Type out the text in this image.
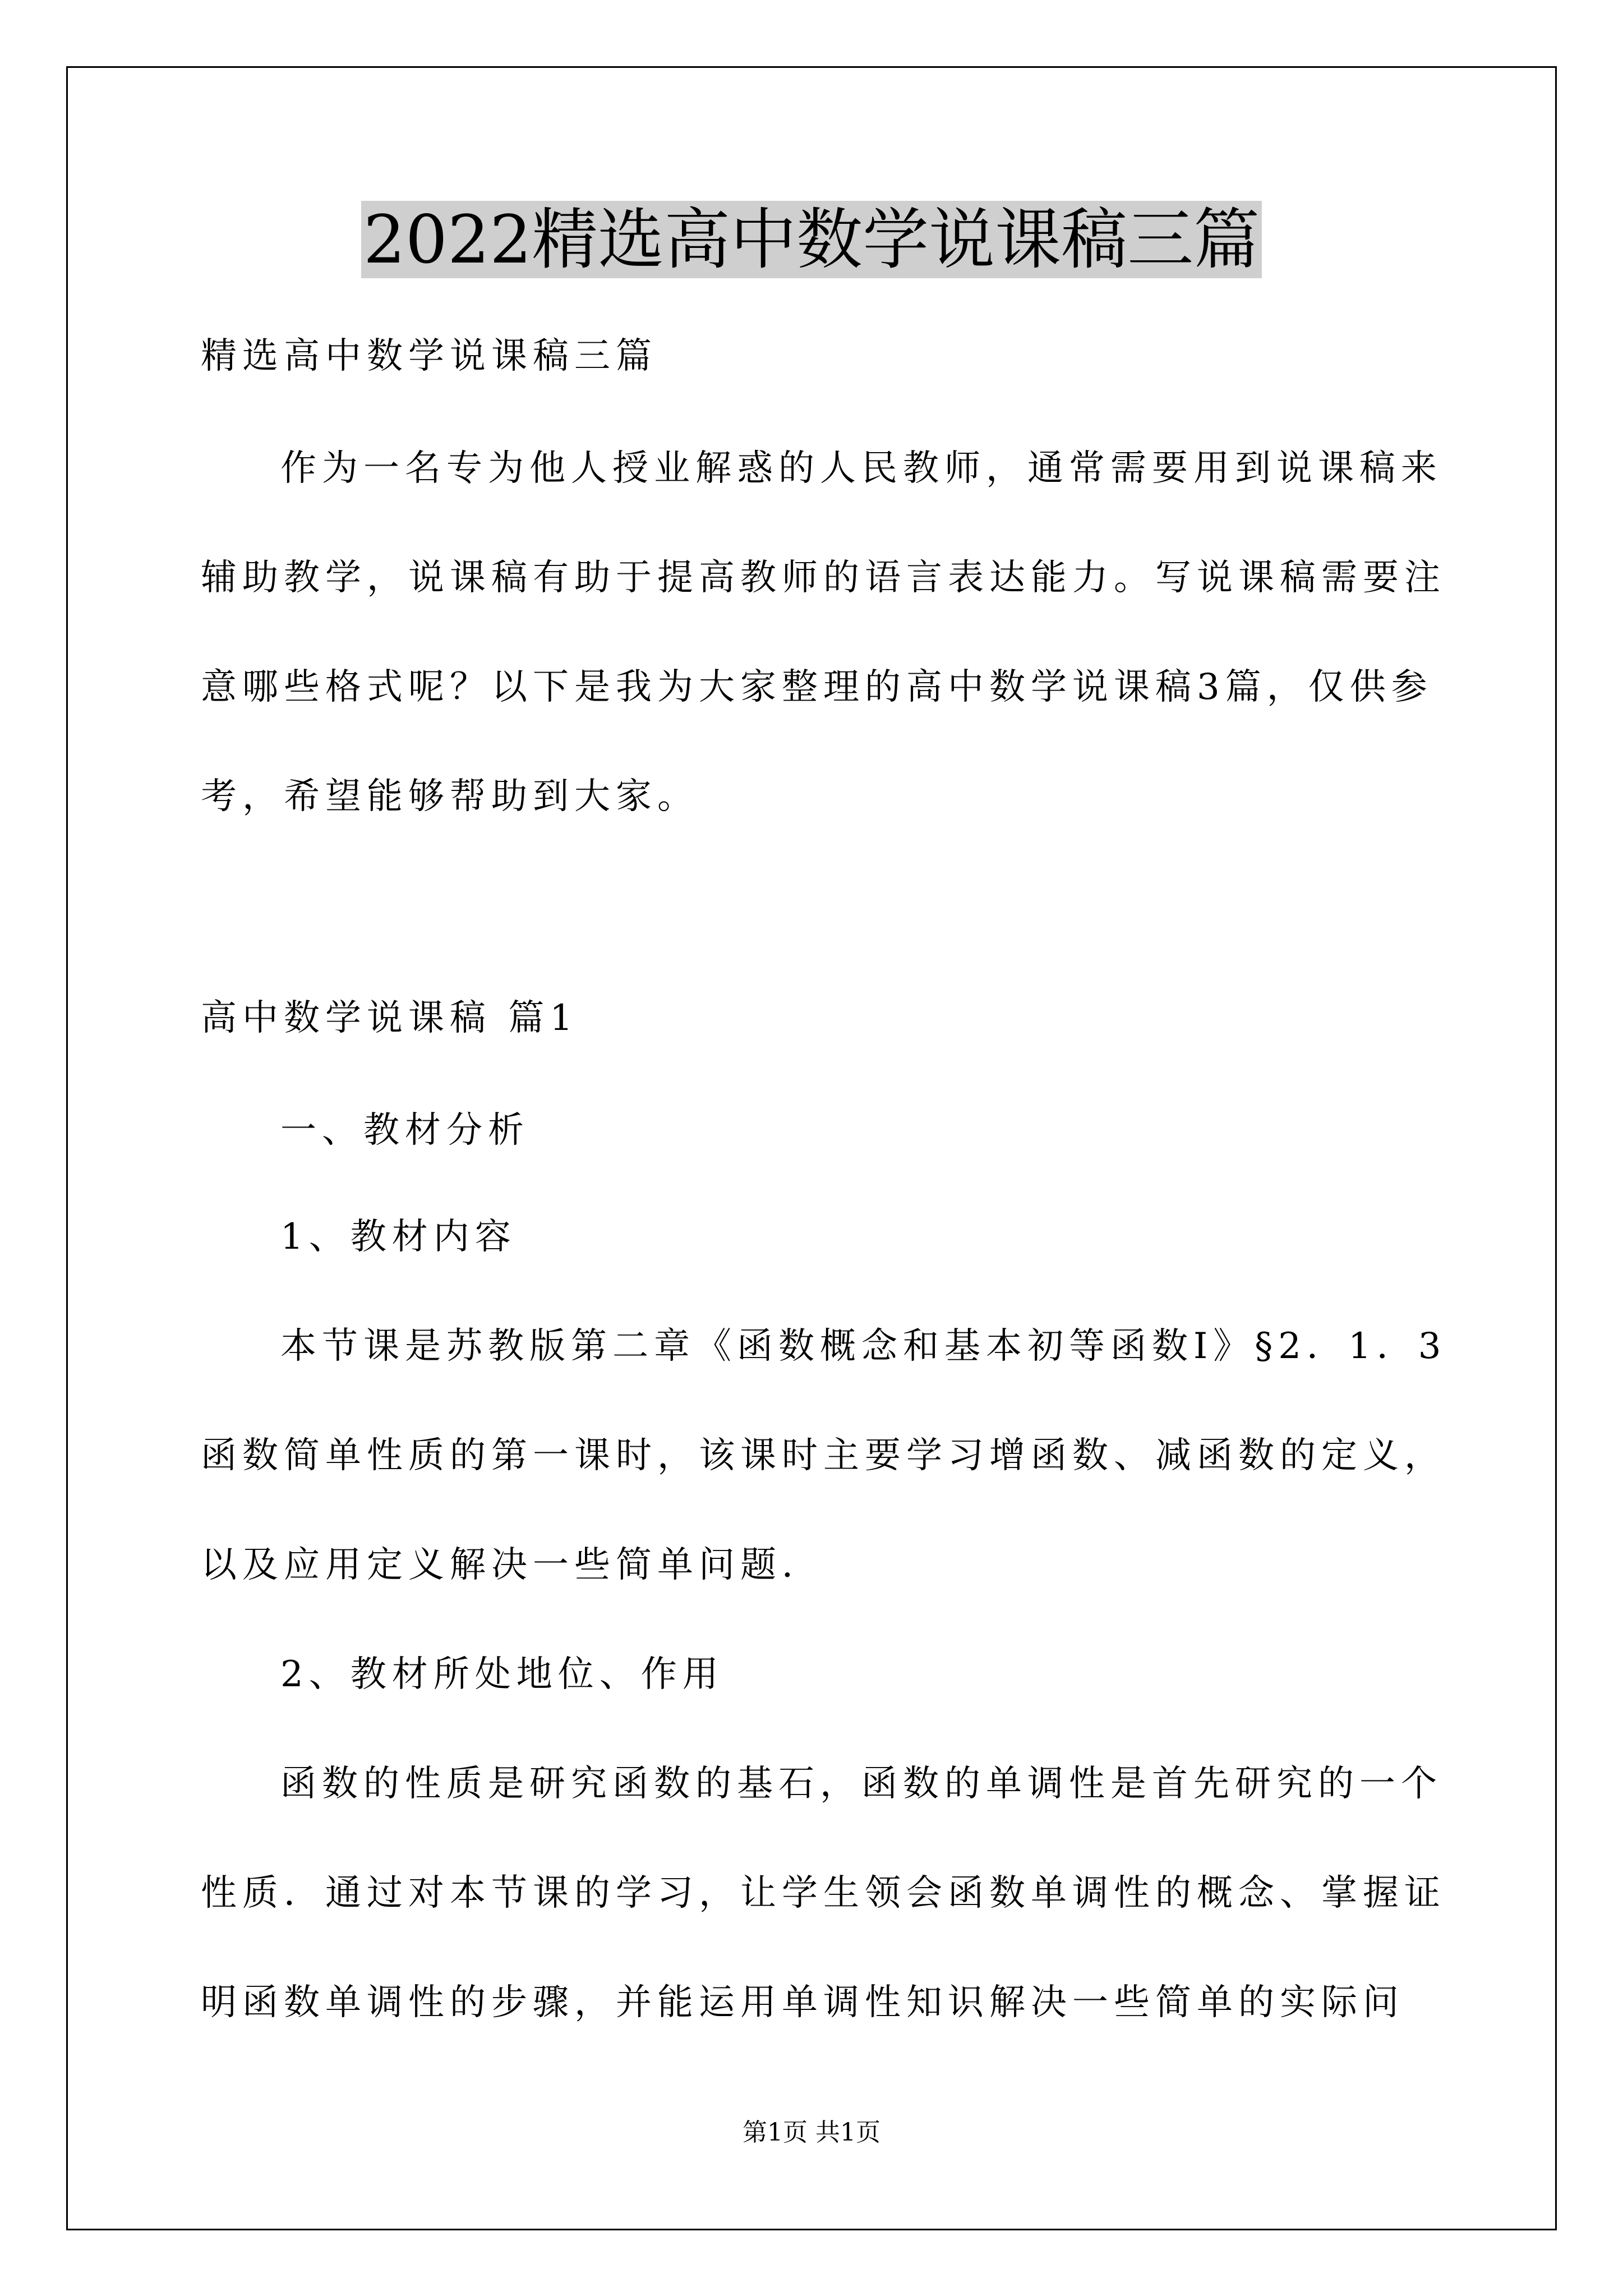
2022精选高中数学说课稿三篇
精选高中数学说课稿三篇
作为一名专为他人授业解惑的人民教师，通常需要用到说课稿来
辅助教学，说课稿有助于提高教师的语言表达能力。写说课稿需要注
意哪些格式呢？以下是我为大家整理的高中数学说课稿3篇，仅供参
考，希望能够帮助到大家。
高中数学说课稿 篇1
一、教材分析
1、教材内容
本节课是苏教版第二章《函数概念和基本初等函数Ⅰ》§2．1．3
函数简单性质的第一课时，该课时主要学习增函数、减函数的定义，
以及应用定义解决一些简单问题．
2、教材所处地位、作用
函数的性质是研究函数的基石，函数的单调性是首先研究的一个
性质．通过对本节课的学习，让学生领会函数单调性的概念、掌握证
明函数单调性的步骤，并能运用单调性知识解决一些简单的实际问
第1页 共1页
